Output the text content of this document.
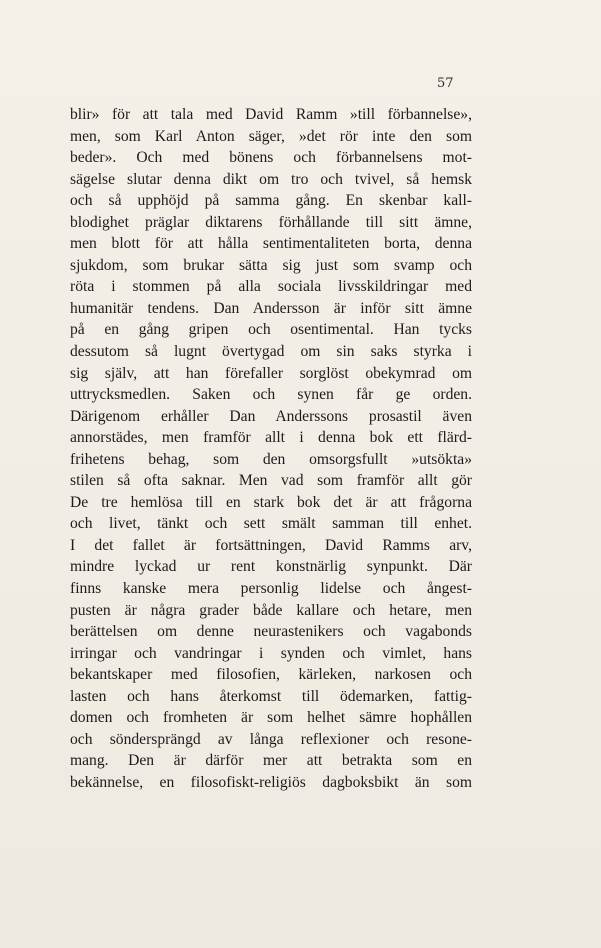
57
blir» för att tala med David Ramm »till förbannelse»,
men, som Karl Anton säger, »det rör inte den som
beder». Och med bönens och förbannelsens mot-
sägelse slutar denna dikt om tro och tvivel, så hemsk
och så upphöjd på samma gång. En skenbar kall-
blodighet präglar diktarens förhållande till sitt ämne,
men blott för att hålla sentimentaliteten borta, denna
sjukdom, som brukar sätta sig just som svamp och
röta i stommen på alla sociala livsskildringar med
humanitär tendens. Dan Andersson är inför sitt ämne
på en gång gripen och osentimental. Han tycks
dessutom så lugnt övertygad om sin saks styrka i
sig själv, att han förefaller sorglöst obekymrad om
uttrycksmedlen. Saken och synen får ge orden.
Därigenom erhåller Dan Anderssons prosastil även
annorstädes, men framför allt i denna bok ett flärd-
frihetens behag, som den omsorgsfullt »utsökta»
stilen så ofta saknar. Men vad som framför allt gör
De tre hemlösa till en stark bok det är att frågorna
och livet, tänkt och sett smält samman till enhet.
I det fallet är fortsättningen, David Ramms arv,
mindre lyckad ur rent konstnärlig synpunkt. Där
finns kanske mera personlig lidelse och ångest-
pusten är några grader både kallare och hetare, men
berättelsen om denne neurastenikers och vagabonds
irringar och vandringar i synden och vimlet, hans
bekantskaper med filosofien, kärleken, narkosen och
lasten och hans återkomst till ödemarken, fattig-
domen och fromheten är som helhet sämre hophållen
och söndersprängd av långa reflexioner och resone-
mang. Den är därför mer att betrakta som en
bekännelse, en filosofiskt-religiös dagboksbikt än som
